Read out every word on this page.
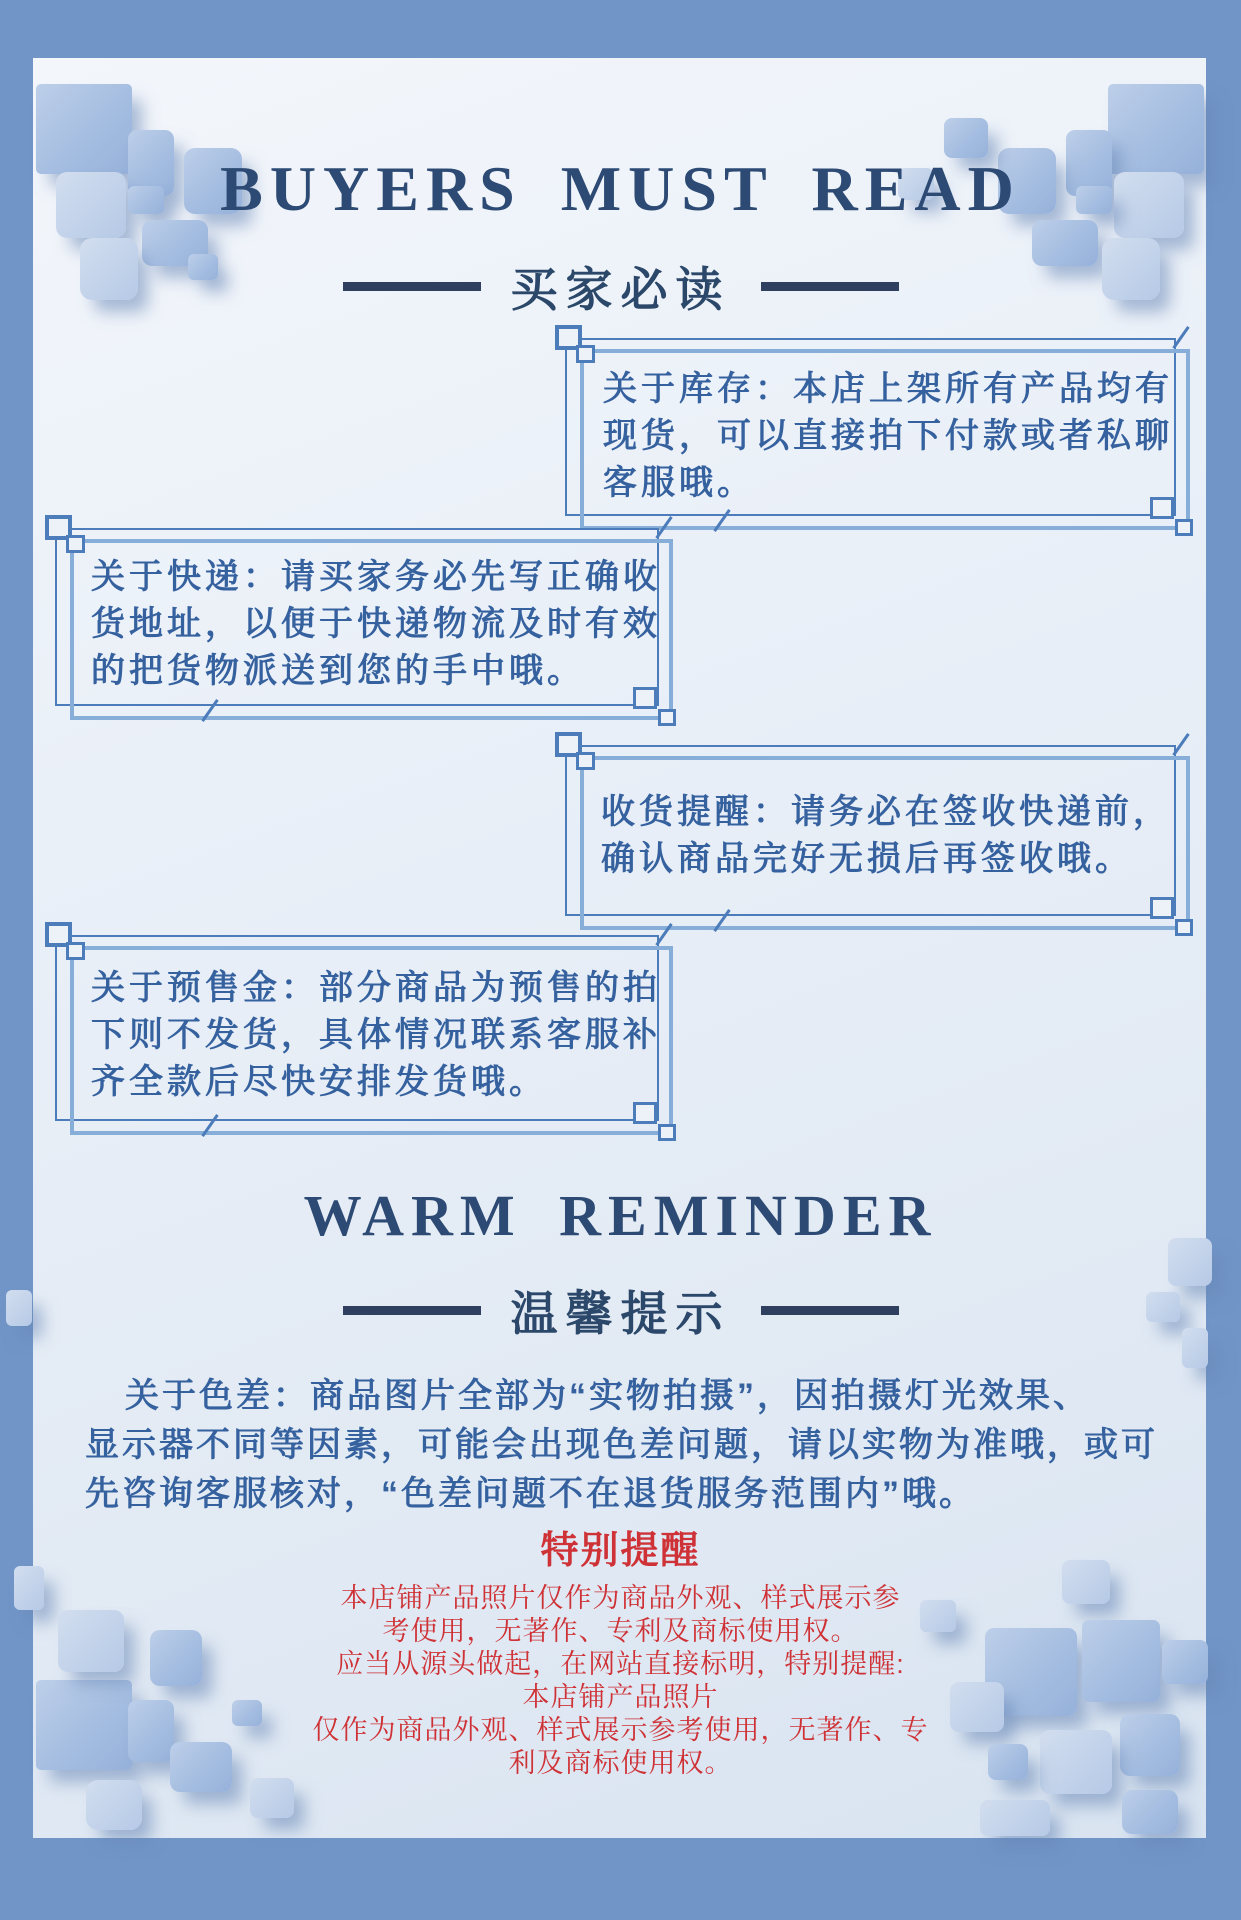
BUYERS MUST READ
买家必读
关于库存：本店上架所有产品均有
现货，可以直接拍下付款或者私聊
客服哦。
关于快递：请买家务必先写正确收
货地址，以便于快递物流及时有效
的把货物派送到您的手中哦。
收货提醒：请务必在签收快递前，
确认商品完好无损后再签收哦。
关于预售金：部分商品为预售的拍
下则不发货，具体情况联系客服补
齐全款后尽快安排发货哦。
WARM REMINDER
温馨提示
关于色差：商品图片全部为“实物拍摄”，因拍摄灯光效果、
显示器不同等因素，可能会出现色差问题，请以实物为准哦，或可
先咨询客服核对，“色差问题不在退货服务范围内”哦。
特别提醒
本店铺产品照片仅作为商品外观、样式展示参
考使用，无著作、专利及商标使用权。
应当从源头做起，在网站直接标明，特别提醒:
本店铺产品照片
仅作为商品外观、样式展示参考使用，无著作、专
利及商标使用权。
